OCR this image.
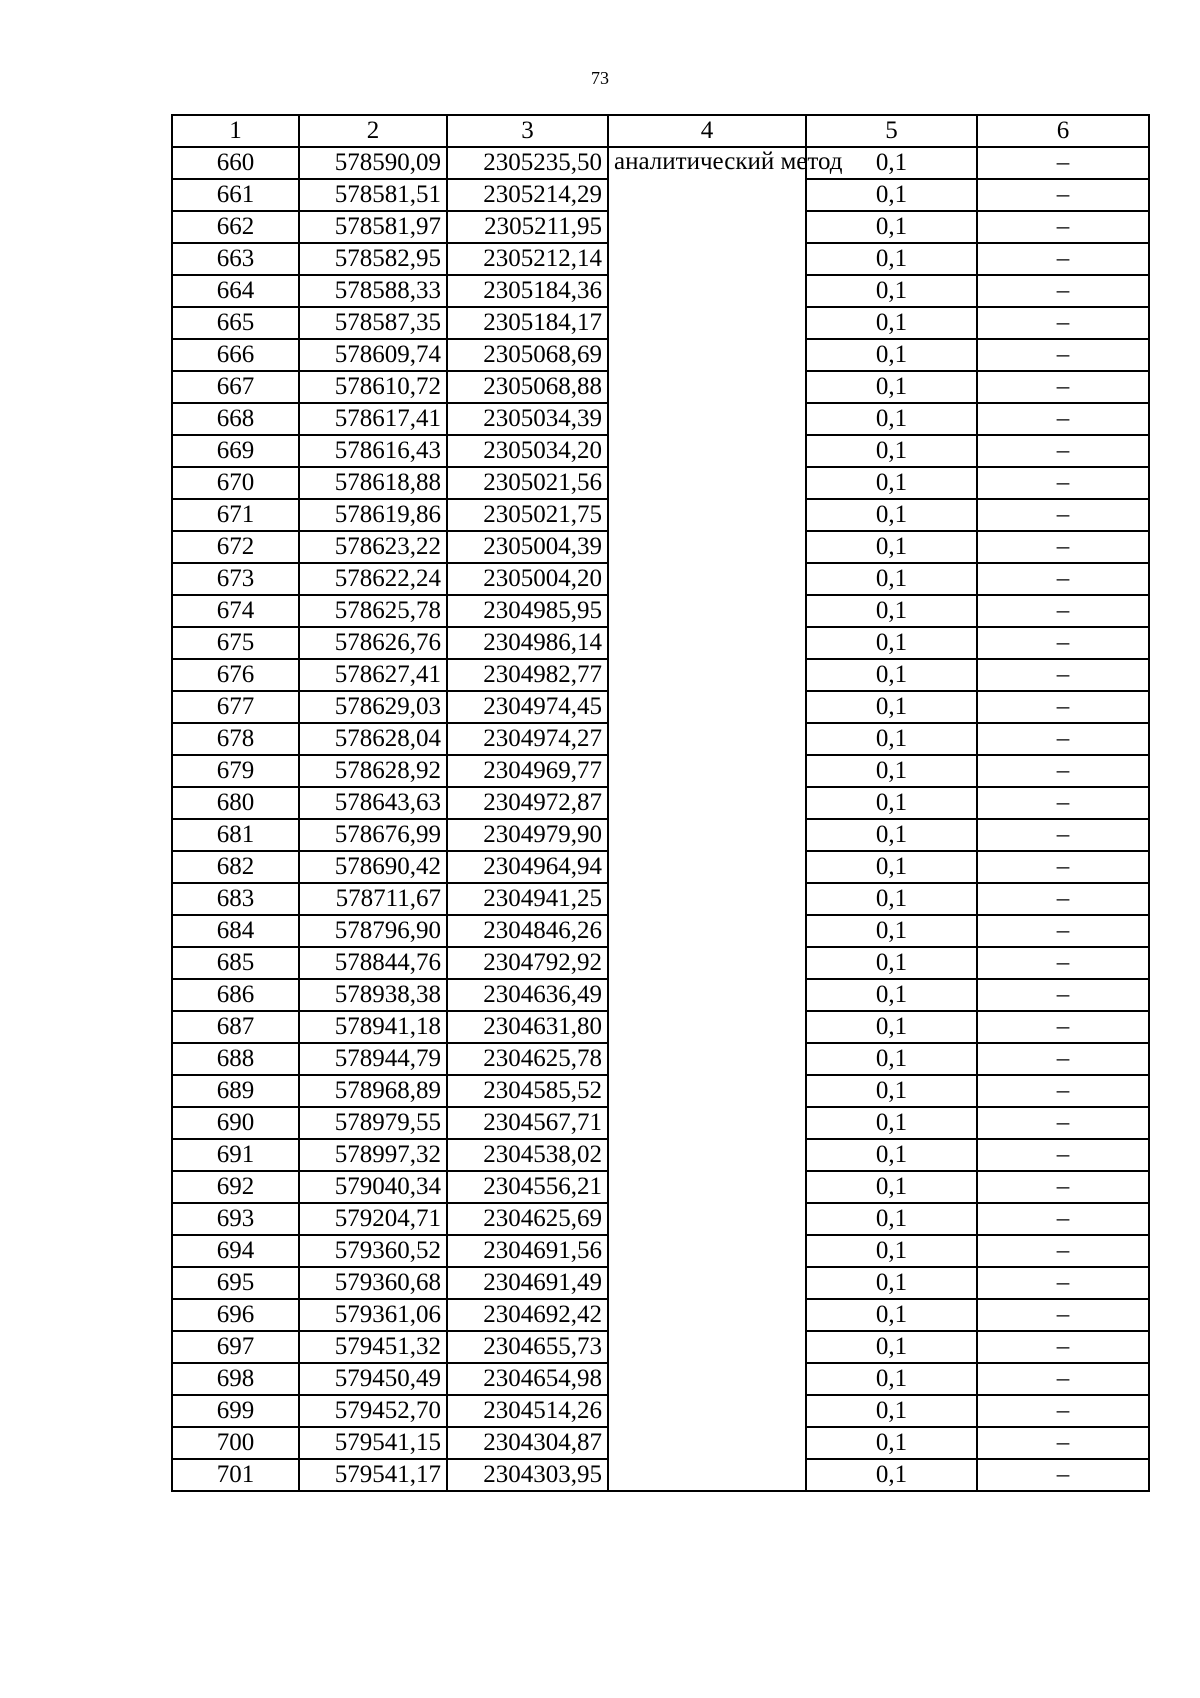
73
1	2	3	4	5	6
660	578590,09	2305235,50	аналитический метод	0,1	–
661	578581,51	2305214,29		0,1	–
662	578581,97	2305211,95		0,1	–
663	578582,95	2305212,14		0,1	–
664	578588,33	2305184,36		0,1	–
665	578587,35	2305184,17		0,1	–
666	578609,74	2305068,69		0,1	–
667	578610,72	2305068,88		0,1	–
668	578617,41	2305034,39		0,1	–
669	578616,43	2305034,20		0,1	–
670	578618,88	2305021,56		0,1	–
671	578619,86	2305021,75		0,1	–
672	578623,22	2305004,39		0,1	–
673	578622,24	2305004,20		0,1	–
674	578625,78	2304985,95		0,1	–
675	578626,76	2304986,14		0,1	–
676	578627,41	2304982,77		0,1	–
677	578629,03	2304974,45		0,1	–
678	578628,04	2304974,27		0,1	–
679	578628,92	2304969,77		0,1	–
680	578643,63	2304972,87		0,1	–
681	578676,99	2304979,90		0,1	–
682	578690,42	2304964,94		0,1	–
683	578711,67	2304941,25		0,1	–
684	578796,90	2304846,26		0,1	–
685	578844,76	2304792,92		0,1	–
686	578938,38	2304636,49		0,1	–
687	578941,18	2304631,80		0,1	–
688	578944,79	2304625,78		0,1	–
689	578968,89	2304585,52		0,1	–
690	578979,55	2304567,71		0,1	–
691	578997,32	2304538,02		0,1	–
692	579040,34	2304556,21		0,1	–
693	579204,71	2304625,69		0,1	–
694	579360,52	2304691,56		0,1	–
695	579360,68	2304691,49		0,1	–
696	579361,06	2304692,42		0,1	–
697	579451,32	2304655,73		0,1	–
698	579450,49	2304654,98		0,1	–
699	579452,70	2304514,26		0,1	–
700	579541,15	2304304,87		0,1	–
701	579541,17	2304303,95		0,1	–
